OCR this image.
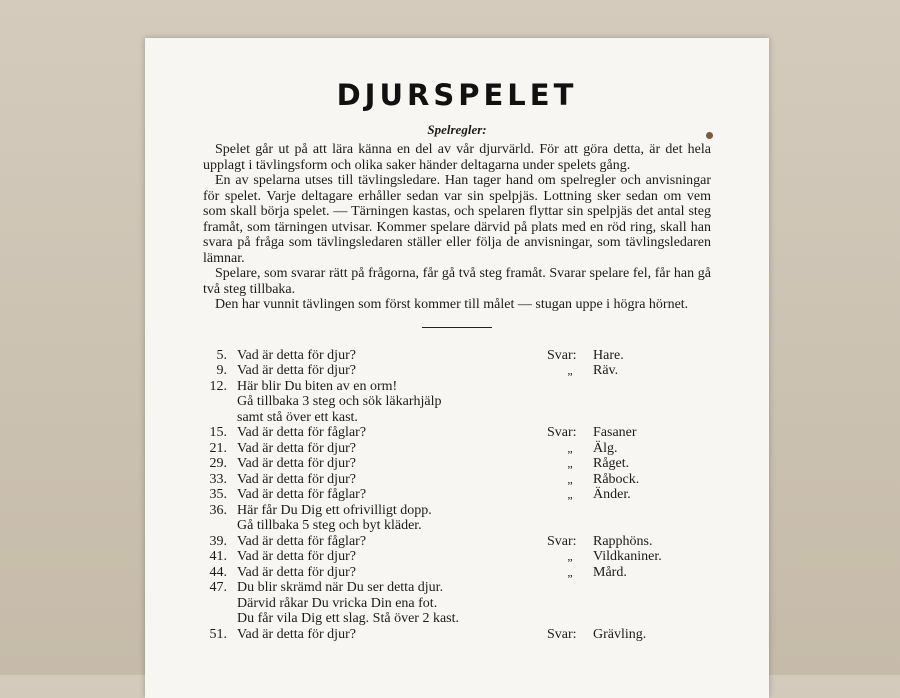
DJURSPELET
Spelregler:

Spelet går ut på att lära känna en del av vår djurvärld. För att göra detta, är det hela upplagt i tävlingsform och olika saker händer deltagarna under spelets gång.

En av spelarna utses till tävlingsledare. Han tager hand om spelregler och anvisningar för spelet. Varje deltagare erhåller sedan var sin spelpjäs. Lottning sker sedan om vem som skall börja spelet. — Tärningen kastas, och spelaren flyttar sin spelpjäs det antal steg framåt, som tärningen utvisar. Kommer spelare därvid på plats med en röd ring, skall han svara på fråga som tävlingsledaren ställer eller följa de anvisningar, som tävlingsledaren lämnar.

Spelare, som svarar rätt på frågorna, får gå två steg framåt. Svarar spelare fel, får han gå två steg tillbaka.

Den har vunnit tävlingen som först kommer till målet — stugan uppe i högra hörnet.

5. Vad är detta för djur?	Svar:	Hare.
9. Vad är detta för djur?	„	Räv.
12. Här blir Du biten av en orm!
Gå tillbaka 3 steg och sök läkarhjälp
samt stå över ett kast.
15. Vad är detta för fåglar?	Svar:	Fasaner
21. Vad är detta för djur?	„	Älg.
29. Vad är detta för djur?	„	Råget.
33. Vad är detta för djur?	„	Råbock.
35. Vad är detta för fåglar?	„	Änder.
36. Här får Du Dig ett ofrivilligt dopp.
Gå tillbaka 5 steg och byt kläder.
39. Vad är detta för fåglar?	Svar:	Rapphöns.
41. Vad är detta för djur?	„	Vildkaniner.
44. Vad är detta för djur?	„	Mård.
47. Du blir skrämd när Du ser detta djur.
Därvid råkar Du vricka Din ena fot.
Du får vila Dig ett slag. Stå över 2 kast.
51. Vad är detta för djur?	Svar:	Grävling.
